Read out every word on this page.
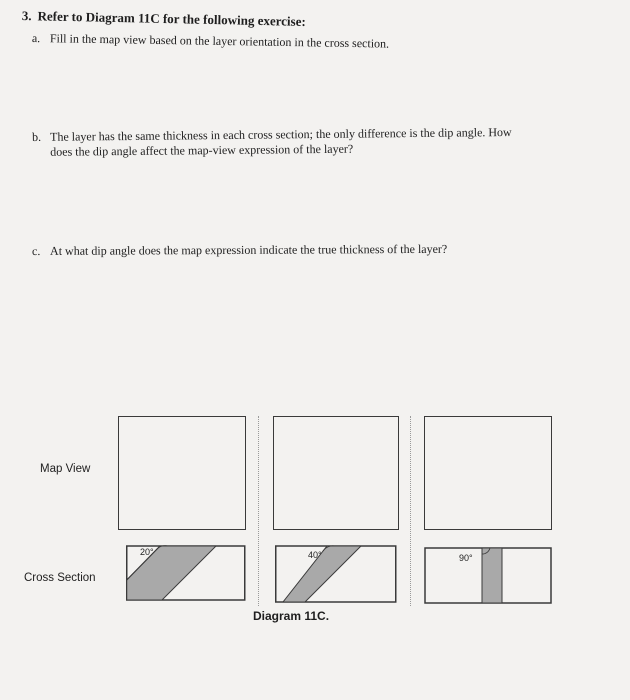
3. Refer to Diagram 11C for the following exercise:
a. Fill in the map view based on the layer orientation in the cross section.
b. The layer has the same thickness in each cross section; the only difference is the dip angle. How
does the dip angle affect the map-view expression of the layer?
c. At what dip angle does the map expression indicate the true thickness of the layer?
Map View
Cross Section
20°	40°	90°
Diagram 11C.
